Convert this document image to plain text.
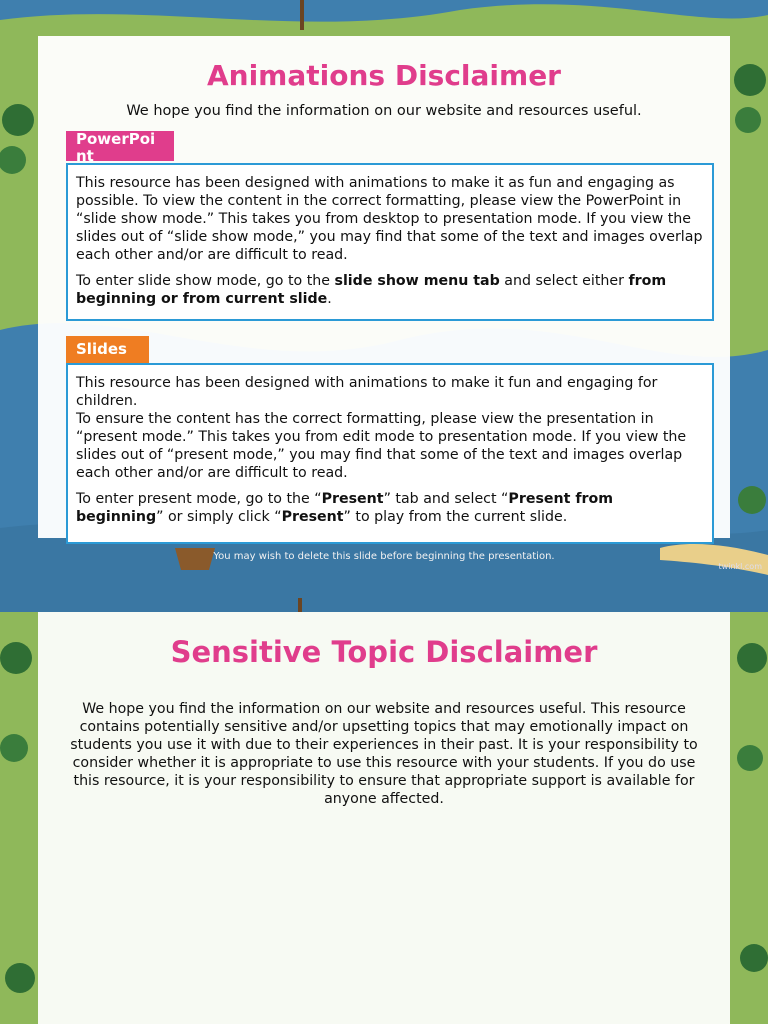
Animations Disclaimer

We hope you find the information on our website and resources useful.

PowerPoint

This resource has been designed with animations to make it as fun and engaging as possible. To view the content in the correct formatting, please view the PowerPoint in “slide show mode.” This takes you from desktop to presentation mode. If you view the slides out of “slide show mode,” you may find that some of the text and images overlap each other and/or are difficult to read.

To enter slide show mode, go to the slide show menu tab and select either from beginning or from current slide.

Slides

This resource has been designed with animations to make it fun and engaging for children.
To ensure the content has the correct formatting, please view the presentation in “present mode.” This takes you from edit mode to presentation mode. If you view the slides out of “present mode,” you may find that some of the text and images overlap each other and/or are difficult to read.

To enter present mode, go to the “Present” tab and select “Present from beginning” or simply click “Present” to play from the current slide.

You may wish to delete this slide before beginning the presentation.
twinkl.com
Sensitive Topic Disclaimer

We hope you find the information on our website and resources useful. This resource contains potentially sensitive and/or upsetting topics that may emotionally impact on students you use it with due to their experiences in their past. It is your responsibility to consider whether it is appropriate to use this resource with your students. If you do use this resource, it is your responsibility to ensure that appropriate support is available for anyone affected.
